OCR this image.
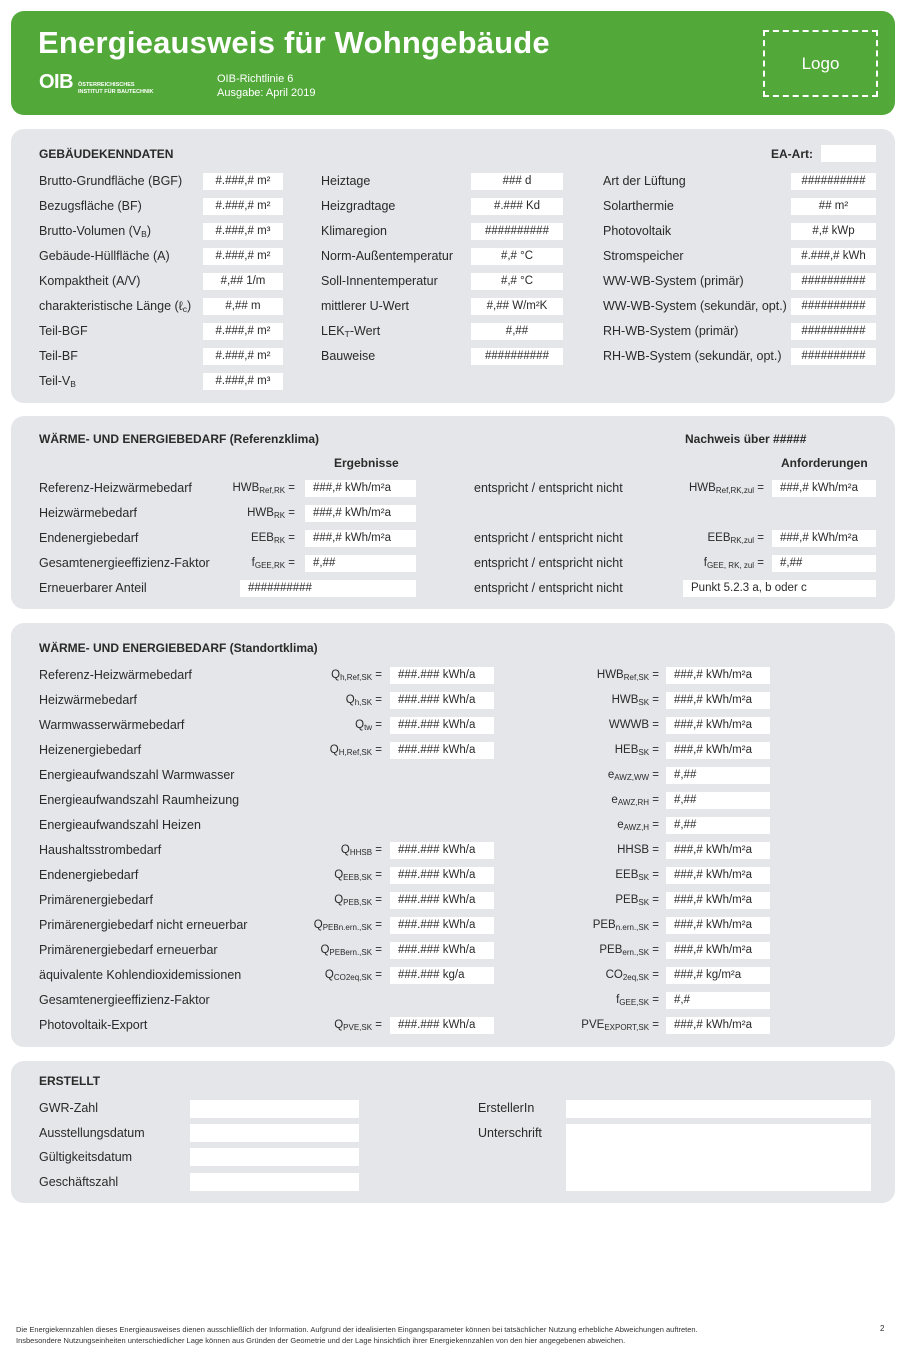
Energieausweis für Wohngebäude
OIB ÖSTERREICHISCHES
INSTITUT FÜR BAUTECHNIK
OIB-Richtlinie 6
Ausgabe: April 2019
Logo
GEBÄUDEKENNDATEN	EA-Art:
Brutto-Grundfläche (BGF)	#.###,# m²
Bezugsfläche (BF)	#.###,# m²
Brutto-Volumen $(V_B)$	#.###,# m³
Gebäude-Hüllfläche (A)	#.###,# m²
Kompaktheit (A/V)	#,## 1/m
charakteristische Länge (ℓ$_c$)	#,## m
Teil-BGF	#.###,# m²
Teil-BF	#.###,# m²
Teil-$V_B$	#.###,# m³
Heiztage	### d
Heizgradtage	#.### Kd
Klimaregion	##########
Norm-Außentemperatur	#,# °C
Soll-Innentemperatur	#,# °C
mittlerer U-Wert	#,## W/m²K
$LEK_T$-Wert	#,##
Bauweise	##########
Art der Lüftung	##########
Solarthermie	## m²
Photovoltaik	#,# kWp
Stromspeicher	#.###,# kWh
WW-WB-System (primär)	##########
WW-WB-System (sekundär, opt.)	##########
RH-WB-System (primär)	##########
RH-WB-System (sekundär, opt.)	##########
WÄRME- UND ENERGIEBEDARF (Referenzklima)	Nachweis über #####
Ergebnisse	Anforderungen
Referenz-Heizwärmebedarf	$HWB_{Ref,RK}$ =	###,# kWh/m²a	entspricht / entspricht nicht	$HWB_{Ref,RK,zul}$ =	###,# kWh/m²a
Heizwärmebedarf	$HWB_{RK}$ =	###,# kWh/m²a
Endenergiebedarf	$EEB_{RK}$ =	###,# kWh/m²a	entspricht / entspricht nicht	$EEB_{RK,zul}$ =	###,# kWh/m²a
Gesamtenergieeffizienz-Faktor	$f_{GEE,RK}$ =	#,##	entspricht / entspricht nicht	$f_{GEE, RK, zul}$ =	#,##
Erneuerbarer Anteil	##########	entspricht / entspricht nicht	Punkt 5.2.3 a, b oder c
WÄRME- UND ENERGIEBEDARF (Standortklima)
Referenz-Heizwärmebedarf	$Q_{h,Ref,SK}$ =	###.### kWh/a	$HWB_{Ref,SK}$ =	###,# kWh/m²a
Heizwärmebedarf	$Q_{h,SK}$ =	###.### kWh/a	$HWB_{SK}$ =	###,# kWh/m²a
Warmwasserwärmebedarf	$Q_{tw}$ =	###.### kWh/a	WWWB =	###,# kWh/m²a
Heizenergiebedarf	$Q_{H,Ref,SK}$ =	###.### kWh/a	$HEB_{SK}$ =	###,# kWh/m²a
Energieaufwandszahl Warmwasser	$e_{AWZ,WW}$ =	#,##
Energieaufwandszahl Raumheizung	$e_{AWZ,RH}$ =	#,##
Energieaufwandszahl Heizen	$e_{AWZ,H}$ =	#,##
Haushaltsstrombedarf	$Q_{HHSB}$ =	###.### kWh/a	HHSB =	###,# kWh/m²a
Endenergiebedarf	$Q_{EEB,SK}$ =	###.### kWh/a	$EEB_{SK}$ =	###,# kWh/m²a
Primärenergiebedarf	$Q_{PEB,SK}$ =	###.### kWh/a	$PEB_{SK}$ =	###,# kWh/m²a
Primärenergiebedarf nicht erneuerbar	$Q_{PEBn.ern.,SK}$ =	###.### kWh/a	$PEB_{n.ern.,SK}$ =	###,# kWh/m²a
Primärenergiebedarf erneuerbar	$Q_{PEBern.,SK}$ =	###.### kWh/a	$PEB_{ern.,SK}$ =	###,# kWh/m²a
äquivalente Kohlendioxidemissionen	$Q_{CO2eq,SK}$ =	###.### kg/a	$CO_{2eq,SK}$ =	###,# kg/m²a
Gesamtenergieeffizienz-Faktor	$f_{GEE,SK}$ =	#,#
Photovoltaik-Export	$Q_{PVE,SK}$ =	###.### kWh/a	$PVE_{EXPORT,SK}$ =	###,# kWh/m²a
ERSTELLT
GWR-Zahl
Ausstellungsdatum
Gültigkeitsdatum
Geschäftszahl
ErstellerIn
Unterschrift
Die Energiekennzahlen dieses Energieausweises dienen ausschließlich der Information. Aufgrund der idealisierten Eingangsparameter können bei tatsächlicher Nutzung erhebliche Abweichungen auftreten.
Insbesondere Nutzungseinheiten unterschiedlicher Lage können aus Gründen der Geometrie und der Lage hinsichtlich ihrer Energiekennzahlen von den hier angegebenen abweichen.
2
